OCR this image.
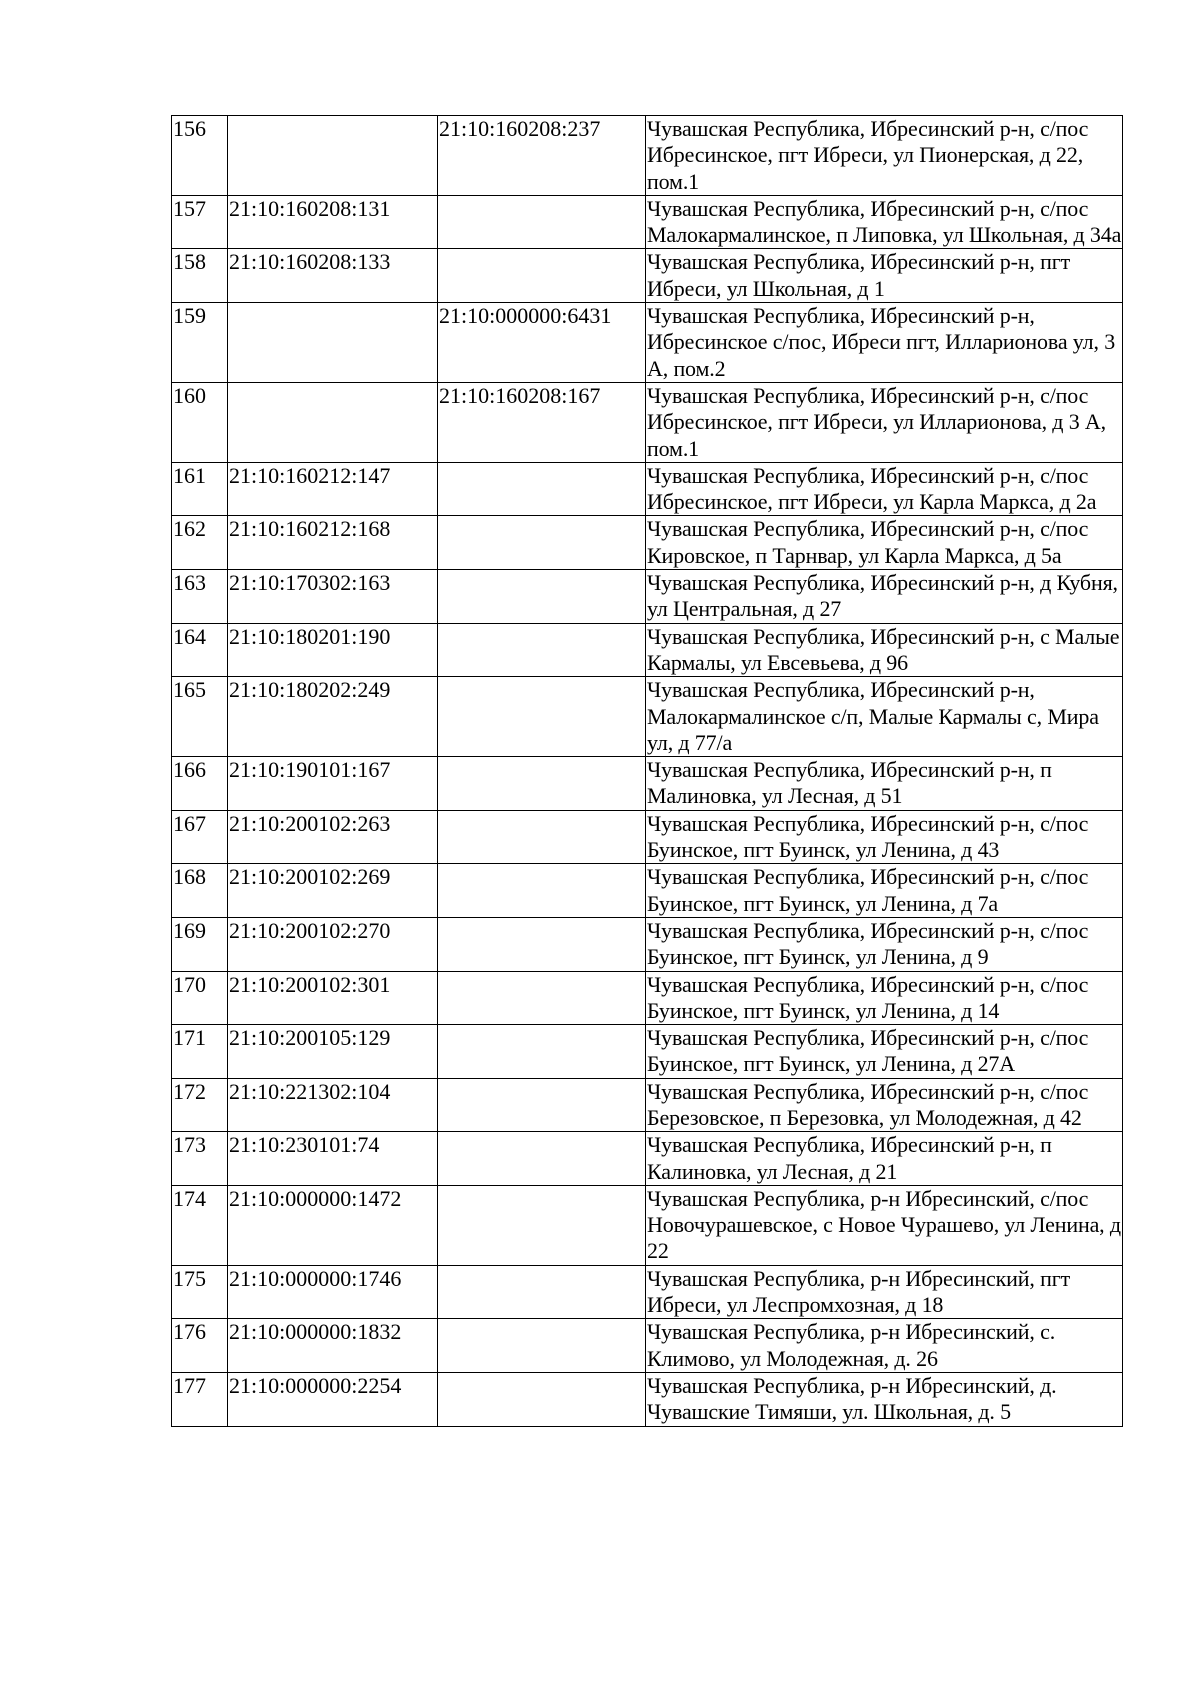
156		21:10:160208:237	Чувашская Республика, Ибресинский р-н, с/пос Ибресинское, пгт Ибреси, ул Пионерская, д 22, пом.1
157	21:10:160208:131		Чувашская Республика, Ибресинский р-н, с/пос Малокармалинское, п Липовка, ул Школьная, д 34а
158	21:10:160208:133		Чувашская Республика, Ибресинский р-н, пгт Ибреси, ул Школьная, д 1
159		21:10:000000:6431	Чувашская Республика, Ибресинский р-н, Ибресинское с/пос, Ибреси пгт, Илларионова ул, 3 А, пом.2
160		21:10:160208:167	Чувашская Республика, Ибресинский р-н, с/пос Ибресинское, пгт Ибреси, ул Илларионова, д 3 А, пом.1
161	21:10:160212:147		Чувашская Республика, Ибресинский р-н, с/пос Ибресинское, пгт Ибреси, ул Карла Маркса, д 2а
162	21:10:160212:168		Чувашская Республика, Ибресинский р-н, с/пос Кировское, п Тарнвар, ул Карла Маркса, д 5а
163	21:10:170302:163		Чувашская Республика, Ибресинский р-н, д Кубня, ул Центральная, д 27
164	21:10:180201:190		Чувашская Республика, Ибресинский р-н, с Малые Кармалы, ул Евсевьева, д 96
165	21:10:180202:249		Чувашская Республика, Ибресинский р-н, Малокармалинское с/п, Малые Кармалы с, Мира ул, д 77/а
166	21:10:190101:167		Чувашская Республика, Ибресинский р-н, п Малиновка, ул Лесная, д 51
167	21:10:200102:263		Чувашская Республика, Ибресинский р-н, с/пос Буинское, пгт Буинск, ул Ленина, д 43
168	21:10:200102:269		Чувашская Республика, Ибресинский р-н, с/пос Буинское, пгт Буинск, ул Ленина, д 7а
169	21:10:200102:270		Чувашская Республика, Ибресинский р-н, с/пос Буинское, пгт Буинск, ул Ленина, д 9
170	21:10:200102:301		Чувашская Республика, Ибресинский р-н, с/пос Буинское, пгт Буинск, ул Ленина, д 14
171	21:10:200105:129		Чувашская Республика, Ибресинский р-н, с/пос Буинское, пгт Буинск, ул Ленина, д 27А
172	21:10:221302:104		Чувашская Республика, Ибресинский р-н, с/пос Березовское, п Березовка, ул Молодежная, д 42
173	21:10:230101:74		Чувашская Республика, Ибресинский р-н, п Калиновка, ул Лесная, д 21
174	21:10:000000:1472		Чувашская Республика, р-н Ибресинский, с/пос Новочурашевское, с Новое Чурашево, ул Ленина, д 22
175	21:10:000000:1746		Чувашская Республика, р-н Ибресинский, пгт Ибреси, ул Леспромхозная, д 18
176	21:10:000000:1832		Чувашская Республика, р-н Ибресинский, с. Климово, ул Молодежная, д. 26
177	21:10:000000:2254		Чувашская Республика, р-н Ибресинский, д. Чувашские Тимяши, ул. Школьная, д. 5
